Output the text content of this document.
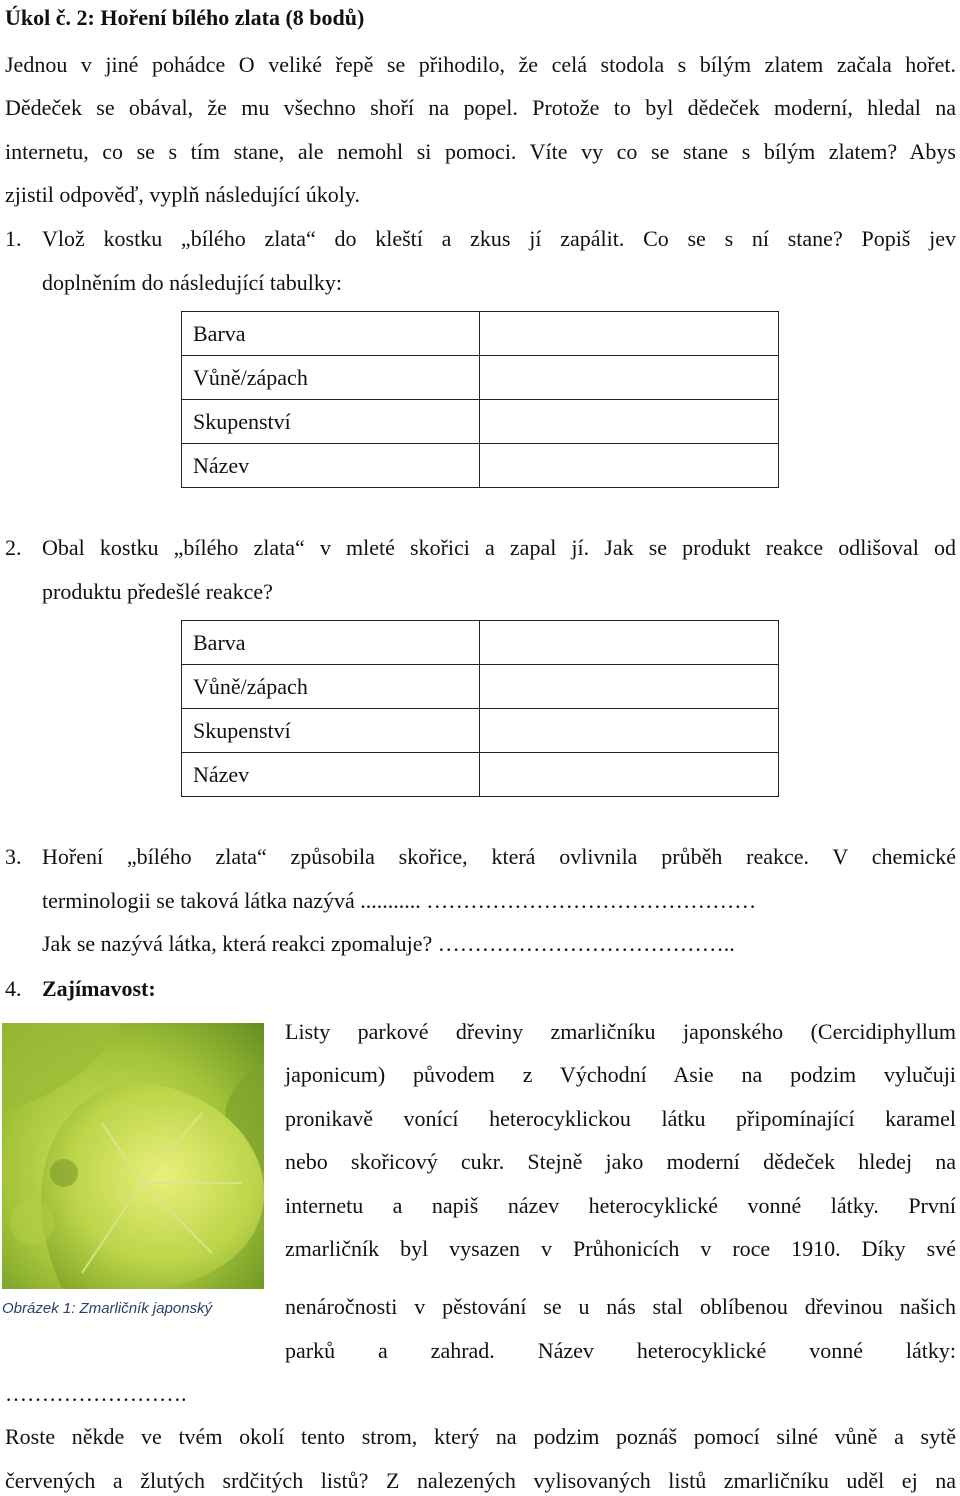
Úkol č. 2: Hoření bílého zlata (8 bodů)
Jednou v jiné pohádce O veliké řepě se přihodilo, že celá stodola s bílým zlatem začala hořet.
Dědeček se obával, že mu všechno shoří na popel. Protože to byl dědeček moderní, hledal na
internetu, co se s tím stane, ale nemohl si pomoci. Víte vy co se stane s bílým zlatem? Abys
zjistil odpověď, vyplň následující úkoly.
1. Vlož kostku „bílého zlata“ do kleští a zkus jí zapálit. Co se s ní stane? Popiš jev
doplněním do následující tabulky:
Barva	
Vůně/zápach	
Skupenství	
Název	
2. Obal kostku „bílého zlata“ v mleté skořici a zapal jí. Jak se produkt reakce odlišoval od
produktu předešlé reakce?
Barva	
Vůně/zápach	
Skupenství	
Název	
3. Hoření „bílého zlata“ způsobila skořice, která ovlivnila průběh reakce. V chemické
terminologii se taková látka nazývá ........... ………………………………………
Jak se nazývá látka, která reakci zpomaluje? …………………………………..
4. Zajímavost:
Obrázek 1: Zmarličník japonský
Listy parkové dřeviny zmarličníku japonského (Cercidiphyllum
japonicum) původem z Východní Asie na podzim vylučuji
pronikavě vonící heterocyklickou látku připomínající karamel
nebo skořicový cukr. Stejně jako moderní dědeček hledej na
internetu a napiš název heterocyklické vonné látky. První
zmarličník byl vysazen v Průhonicích v roce 1910. Díky své
nenáročnosti v pěstování se u nás stal oblíbenou dřevinou našich
parků a zahrad. Název heterocyklické vonné látky:
…………………….
Roste někde ve tvém okolí tento strom, který na podzim poznáš pomocí silné vůně a sytě
červených a žlutých srdčitých listů? Z nalezených vylisovaných listů zmarličníku uděl ej na
